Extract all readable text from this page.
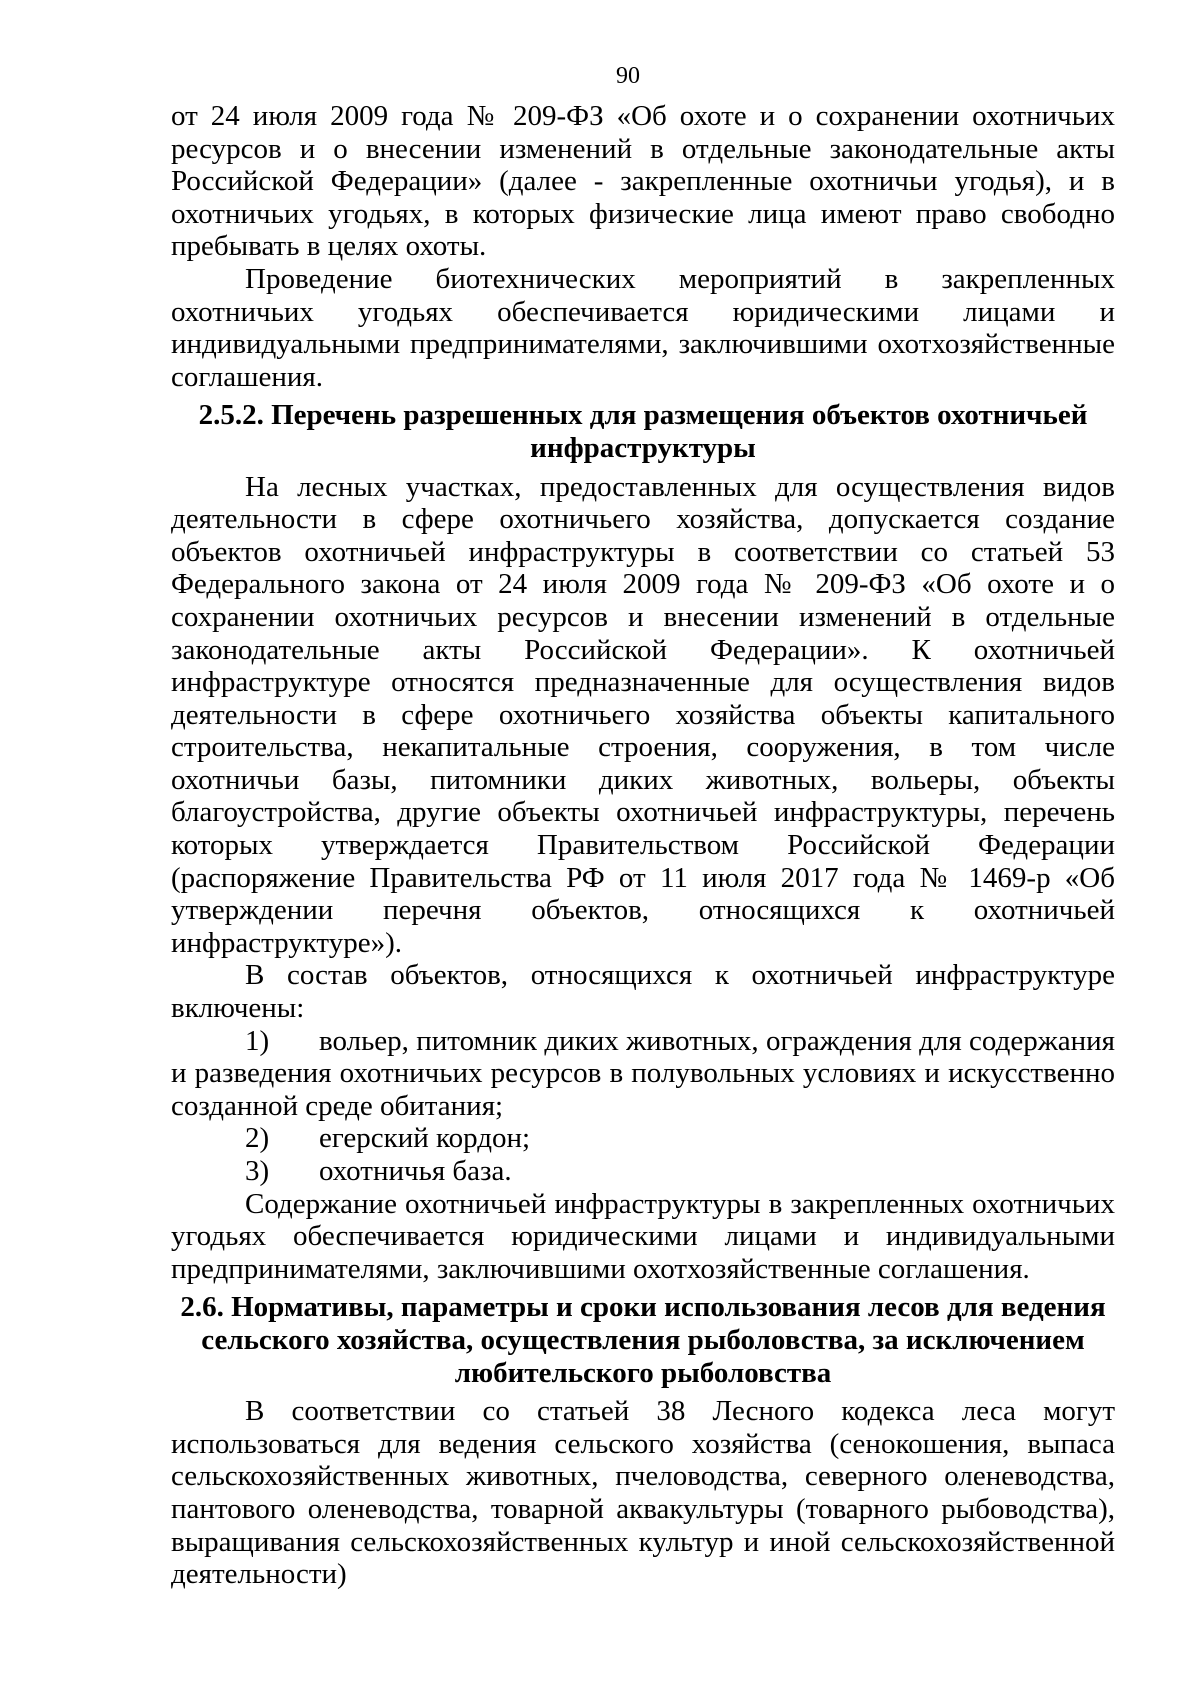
90

от 24 июля 2009 года № 209-ФЗ «Об охоте и о сохранении охотничьих ресурсов и о внесении изменений в отдельные законодательные акты Российской Федерации» (далее - закрепленные охотничьи угодья), и в охотничьих угодьях, в которых физические лица имеют право свободно пребывать в целях охоты.

Проведение биотехнических мероприятий в закрепленных охотничьих угодьях обеспечивается юридическими лицами и индивидуальными предпринимателями, заключившими охотхозяйственные соглашения.

2.5.2. Перечень разрешенных для размещения объектов охотничьей
инфраструктуры

На лесных участках, предоставленных для осуществления видов деятельности в сфере охотничьего хозяйства, допускается создание объектов охотничьей инфраструктуры в соответствии со статьей 53 Федерального закона от 24 июля 2009 года № 209-ФЗ «Об охоте и о сохранении охотничьих ресурсов и внесении изменений в отдельные законодательные акты Российской Федерации». К охотничьей инфраструктуре относятся предназначенные для осуществления видов деятельности в сфере охотничьего хозяйства объекты капитального строительства, некапитальные строения, сооружения, в том числе охотничьи базы, питомники диких животных, вольеры, объекты благоустройства, другие объекты охотничьей инфраструктуры, перечень которых утверждается Правительством Российской Федерации (распоряжение Правительства РФ от 11 июля 2017 года № 1469-р «Об утверждении перечня объектов, относящихся к охотничьей инфраструктуре»).

В состав объектов, относящихся к охотничьей инфраструктуре включены:

1) вольер, питомник диких животных, ограждения для содержания и разведения охотничьих ресурсов в полувольных условиях и искусственно созданной среде обитания;

2) егерский кордон;

3) охотничья база.

Содержание охотничьей инфраструктуры в закрепленных охотничьих угодьях обеспечивается юридическими лицами и индивидуальными предпринимателями, заключившими охотхозяйственные соглашения.

2.6. Нормативы, параметры и сроки использования лесов для ведения
сельского хозяйства, осуществления рыболовства, за исключением
любительского рыболовства

В соответствии со статьей 38 Лесного кодекса леса могут использоваться для ведения сельского хозяйства (сенокошения, выпаса сельскохозяйственных животных, пчеловодства, северного оленеводства, пантового оленеводства, товарной аквакультуры (товарного рыбоводства), выращивания сельскохозяйственных культур и иной сельскохозяйственной деятельности)
